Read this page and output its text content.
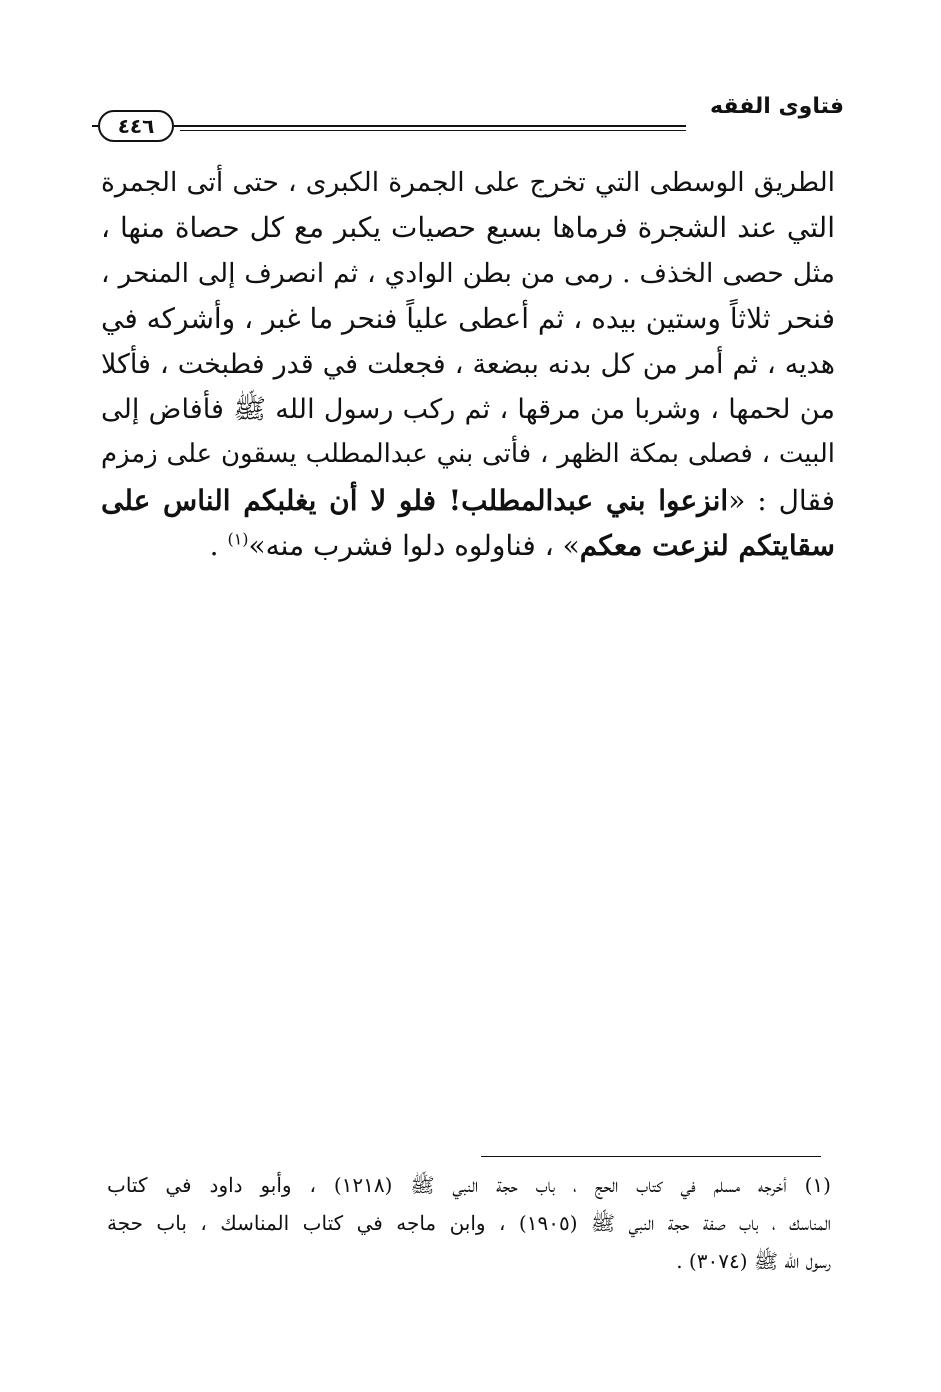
فتاوى الفقه
٤٤٦
الطريق الوسطى التي تخرج على الجمرة الكبرى ، حتى أتى الجمرة
التي عند الشجرة فرماها بسبع حصيات يكبر مع كل حصاة منها ،
مثل حصى الخذف . رمى من بطن الوادي ، ثم انصرف إلى المنحر ،
فنحر ثلاثاً وستين بيده ، ثم أعطى علياً فنحر ما غبر ، وأشركه في
هديه ، ثم أمر من كل بدنه ببضعة ، فجعلت في قدر فطبخت ، فأكلا
من لحمها ، وشربا من مرقها ، ثم ركب رسول الله ﷺ فأفاض إلى
البيت ، فصلى بمكة الظهر ، فأتى بني عبدالمطلب يسقون على زمزم
فقال : «انزعوا بني عبدالمطلب! فلو لا أن يغلبكم الناس على
سقايتكم لنزعت معكم» ، فناولوه دلوا فشرب منه»$^{(١)}$ .
(١) أخرجه مسلم في كتاب الحج ، باب حجة النبي ﷺ (١٢١٨) ، وأبو داود في كتاب
المناسك ، باب صفة حجة النبي ﷺ (١٩٠٥) ، وابن ماجه في كتاب المناسك ، باب حجة
رسول الله ﷺ (٣٠٧٤) .
